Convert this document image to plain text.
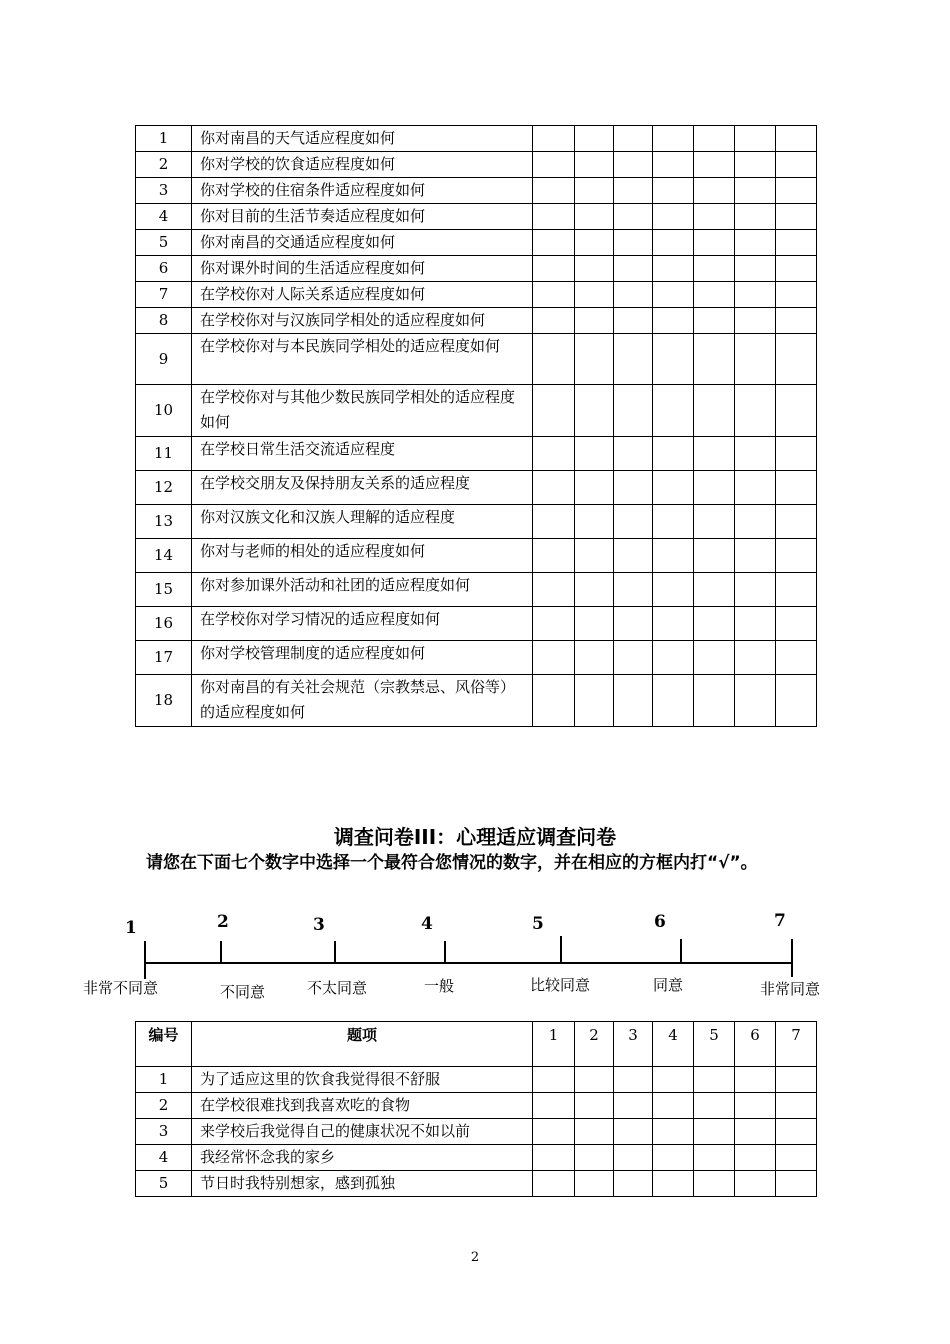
1	你对南昌的天气适应程度如何							
2	你对学校的饮食适应程度如何							
3	你对学校的住宿条件适应程度如何							
4	你对目前的生活节奏适应程度如何							
5	你对南昌的交通适应程度如何							
6	你对课外时间的生活适应程度如何							
7	在学校你对人际关系适应程度如何							
8	在学校你对与汉族同学相处的适应程度如何							
9	在学校你对与本民族同学相处的适应程度如何							
10	在学校你对与其他少数民族同学相处的适应程度如何							
11	在学校日常生活交流适应程度							
12	在学校交朋友及保持朋友关系的适应程度							
13	你对汉族文化和汉族人理解的适应程度							
14	你对与老师的相处的适应程度如何							
15	你对参加课外活动和社团的适应程度如何							
16	在学校你对学习情况的适应程度如何							
17	你对学校管理制度的适应程度如何							
18	你对南昌的有关社会规范（宗教禁忌、风俗等）的适应程度如何							
调查问卷III：心理适应调查问卷
请您在下面七个数字中选择一个最符合您情况的数字，并在相应的方框内打“√”。
1	2	3	4	5	6	7
非常不同意	不同意	不太同意	一般	比较同意	同意	非常同意
编号	题项	1	2	3	4	5	6	7
1	为了适应这里的饮食我觉得很不舒服							
2	在学校很难找到我喜欢吃的食物							
3	来学校后我觉得自己的健康状况不如以前							
4	我经常怀念我的家乡							
5	节日时我特别想家，感到孤独							
2
